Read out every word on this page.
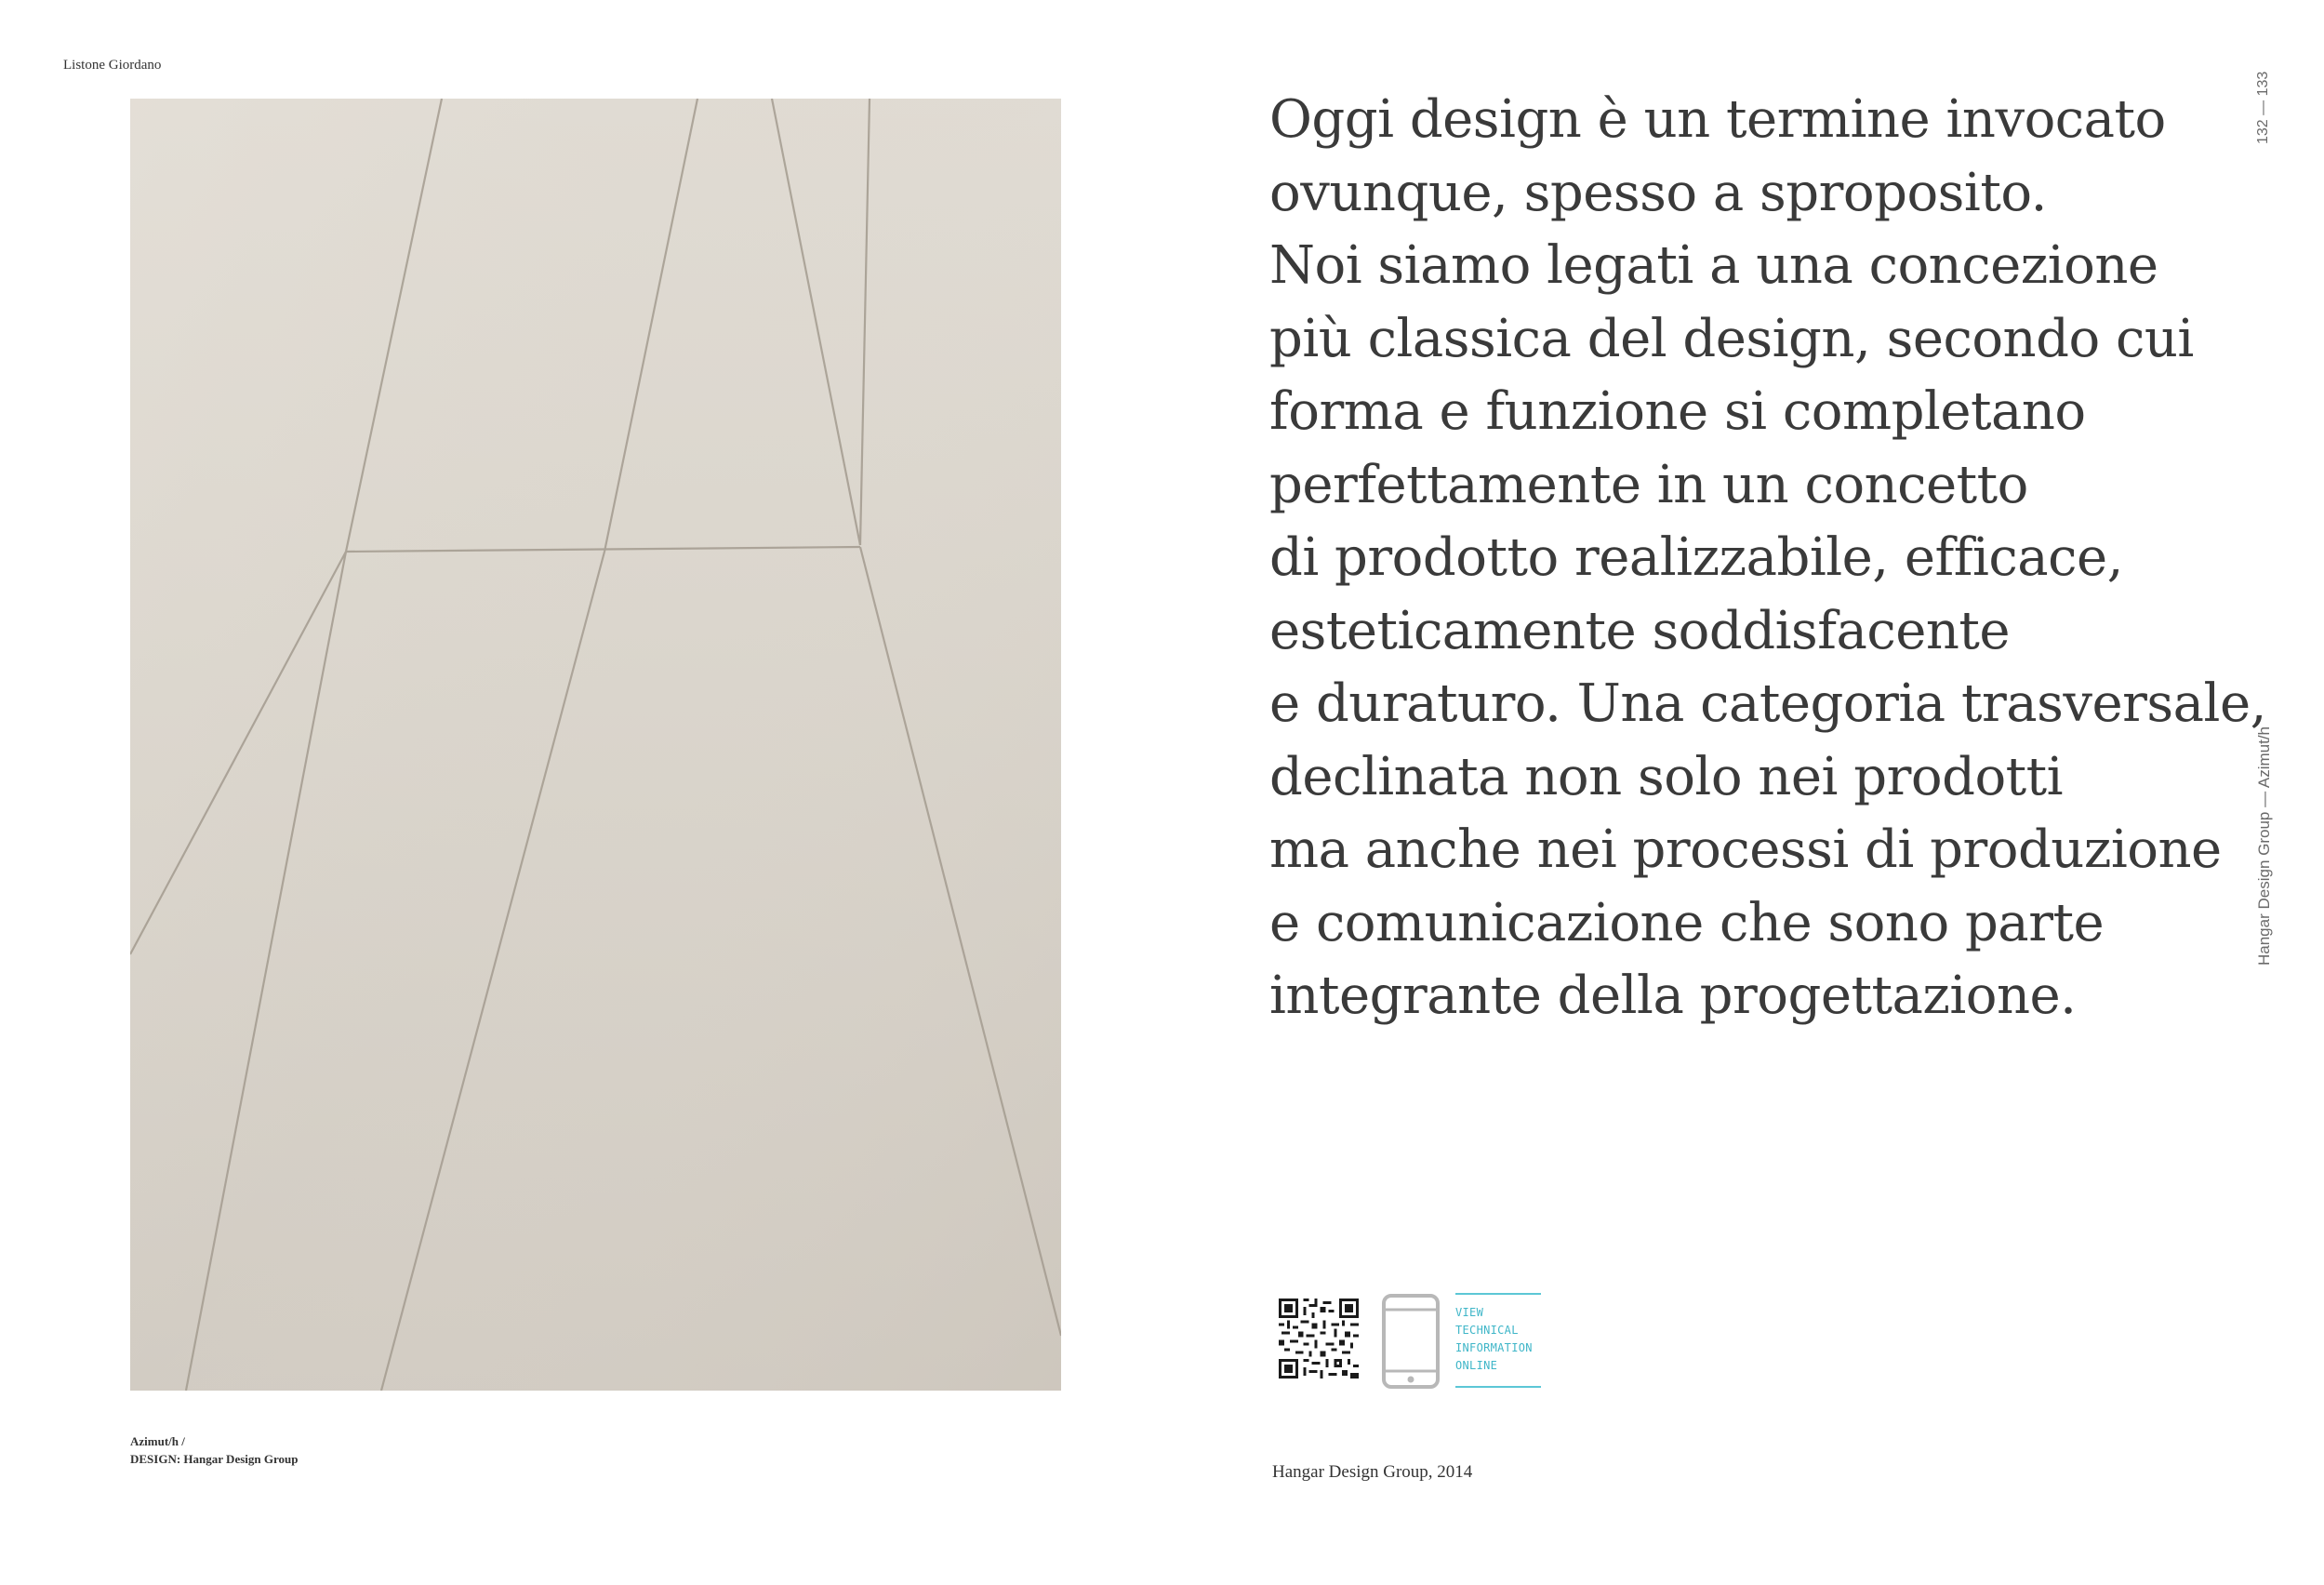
Listone Giordano
Azimut/h /
DESIGN: Hangar Design Group
Oggi design è un termine invocato
ovunque, spesso a sproposito.
Noi siamo legati a una concezione
più classica del design, secondo cui
forma e funzione si completano
perfettamente in un concetto
di prodotto realizzabile, efficace,
esteticamente soddisfacente
e duraturo. Una categoria trasversale,
declinata non solo nei prodotti
ma anche nei processi di produzione
e comunicazione che sono parte
integrante della progettazione.
132 — 133
Hangar Design Group — Azimut/h
VIEW
TECHNICAL
INFORMATION
ONLINE
Hangar Design Group, 2014
